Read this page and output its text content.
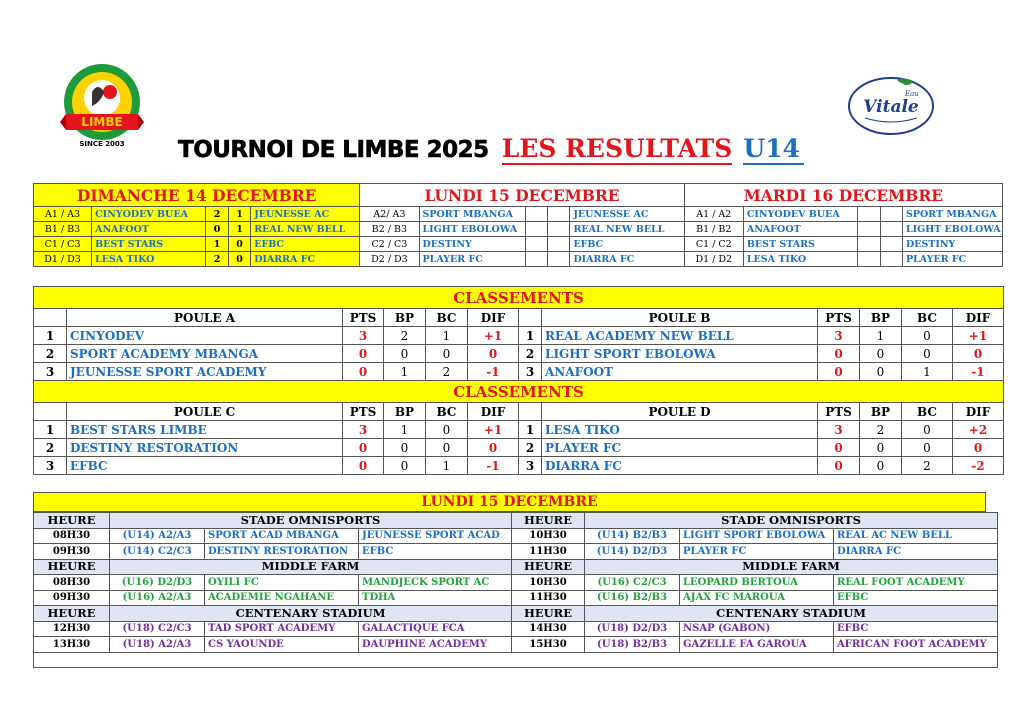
LIMBE
SINCE 2003
Eau
Vitale
TOURNOI DE LIMBE 2025 LES RESULTATS U14
DIMANCHE 14 DECEMBRE					LUNDI 15 DECEMBRE					MARDI 16 DECEMBRE				
A1 / A3	CINYODEV BUEA	2	1	JEUNESSE AC	A2/ A3	SPORT MBANGA			JEUNESSE AC	A1 / A2	CINYODEV BUEA			SPORT MBANGA
B1 / B3	ANAFOOT	0	1	REAL NEW BELL	B2 / B3	LIGHT EBOLOWA			REAL NEW BELL	B1 / B2	ANAFOOT			LIGHT EBOLOWA
C1 / C3	BEST STARS	1	0	EFBC	C2 / C3	DESTINY			EFBC	C1 / C2	BEST STARS			DESTINY
D1 / D3	LESA TIKO	2	0	DIARRA FC	D2 / D3	PLAYER FC			DIARRA FC	D1 / D2	LESA TIKO			PLAYER FC
CLASSEMENTS											
	POULE A	PTS	BP	BC	DIF		POULE B	PTS	BP	BC	DIF
1	CINYODEV	3	2	1	+1	1	REAL ACADEMY NEW BELL	3	1	0	+1
2	SPORT ACADEMY MBANGA	0	0	0	0	2	LIGHT SPORT EBOLOWA	0	0	0	0
3	JEUNESSE SPORT ACADEMY	0	1	2	-1	3	ANAFOOT	0	0	1	-1
CLASSEMENTS											
	POULE C	PTS	BP	BC	DIF		POULE D	PTS	BP	BC	DIF
1	BEST STARS LIMBE	3	1	0	+1	1	LESA TIKO	3	2	0	+2
2	DESTINY RESTORATION	0	0	0	0	2	PLAYER FC	0	0	0	0
3	EFBC	0	0	1	-1	3	DIARRA FC	0	0	2	-2
LUNDI 15 DECEMBRE
HEURE	STADE OMNISPORTS			HEURE	STADE OMNISPORTS		
08H30	(U14) A2/A3	SPORT ACAD MBANGA	JEUNESSE SPORT ACAD	10H30	(U14) B2/B3	LIGHT SPORT EBOLOWA	REAL AC NEW BELL
09H30	(U14) C2/C3	DESTINY RESTORATION	EFBC	11H30	(U14) D2/D3	PLAYER FC	DIARRA FC
HEURE	MIDDLE FARM			HEURE	MIDDLE FARM		
08H30	(U16) D2/D3	OYILI FC	MANDJECK SPORT AC	10H30	(U16) C2/C3	LEOPARD BERTOUA	REAL FOOT ACADEMY
09H30	(U16) A2/A3	ACADEMIE NGAHANE	TDHA	11H30	(U16) B2/B3	AJAX FC MAROUA	EFBC
HEURE	CENTENARY STADIUM			HEURE	CENTENARY STADIUM		
12H30	(U18) C2/C3	TAD SPORT ACADEMY	GALACTIQUE FCA	14H30	(U18) D2/D3	NSAP (GABON)	EFBC
13H30	(U18) A2/A3	CS YAOUNDE	DAUPHINE ACADEMY	15H30	(U18) B2/B3	GAZELLE FA GAROUA	AFRICAN FOOT ACADEMY
